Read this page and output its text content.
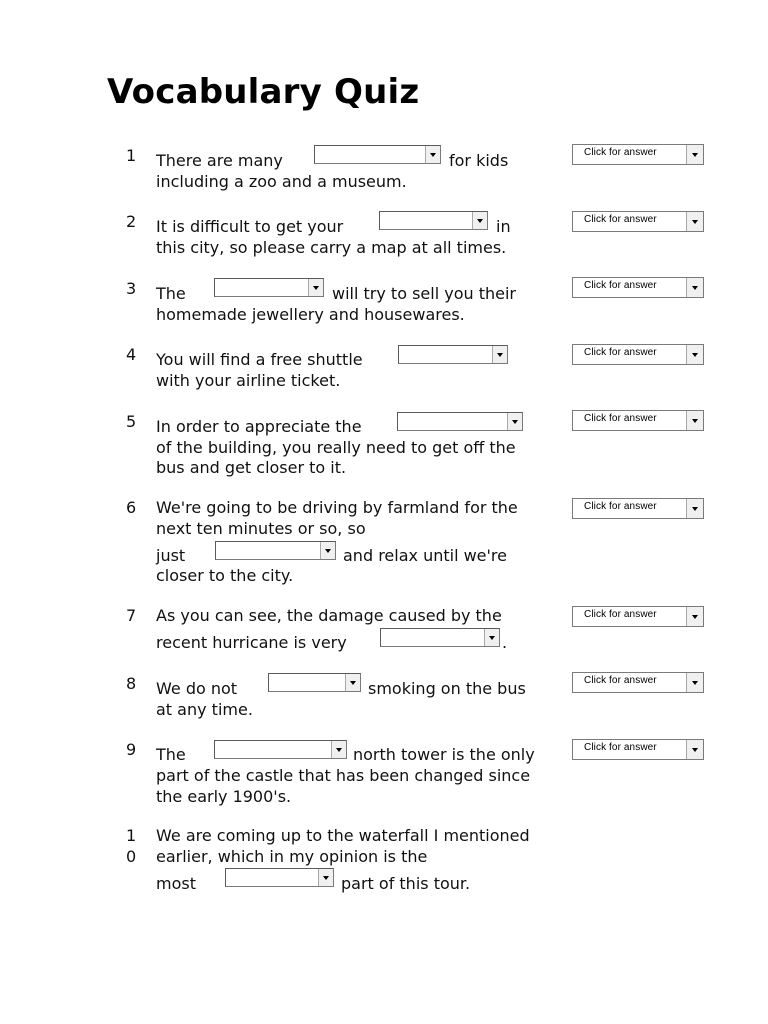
Vocabulary Quiz
1 There are many	for kids
including a zoo and a museum.
Click for answer
2 It is difficult to get your	in
this city, so please carry a map at all times.
Click for answer
3 The	will try to sell you their
homemade jewellery and housewares.
Click for answer
4 You will find a free shuttle
with your airline ticket.
Click for answer
5 In order to appreciate the
of the building, you really need to get off the
bus and get closer to it.
Click for answer
6 We're going to be driving by farmland for the
next ten minutes or so, so
just	and relax until we're
closer to the city.
Click for answer
7 As you can see, the damage caused by the
recent hurricane is very	.
Click for answer
8 We do not	smoking on the bus
at any time.
Click for answer
9 The	north tower is the only
part of the castle that has been changed since
the early 1900's.
Click for answer
10
We are coming up to the waterfall I mentioned
earlier, which in my opinion is the
most	part of this tour.
